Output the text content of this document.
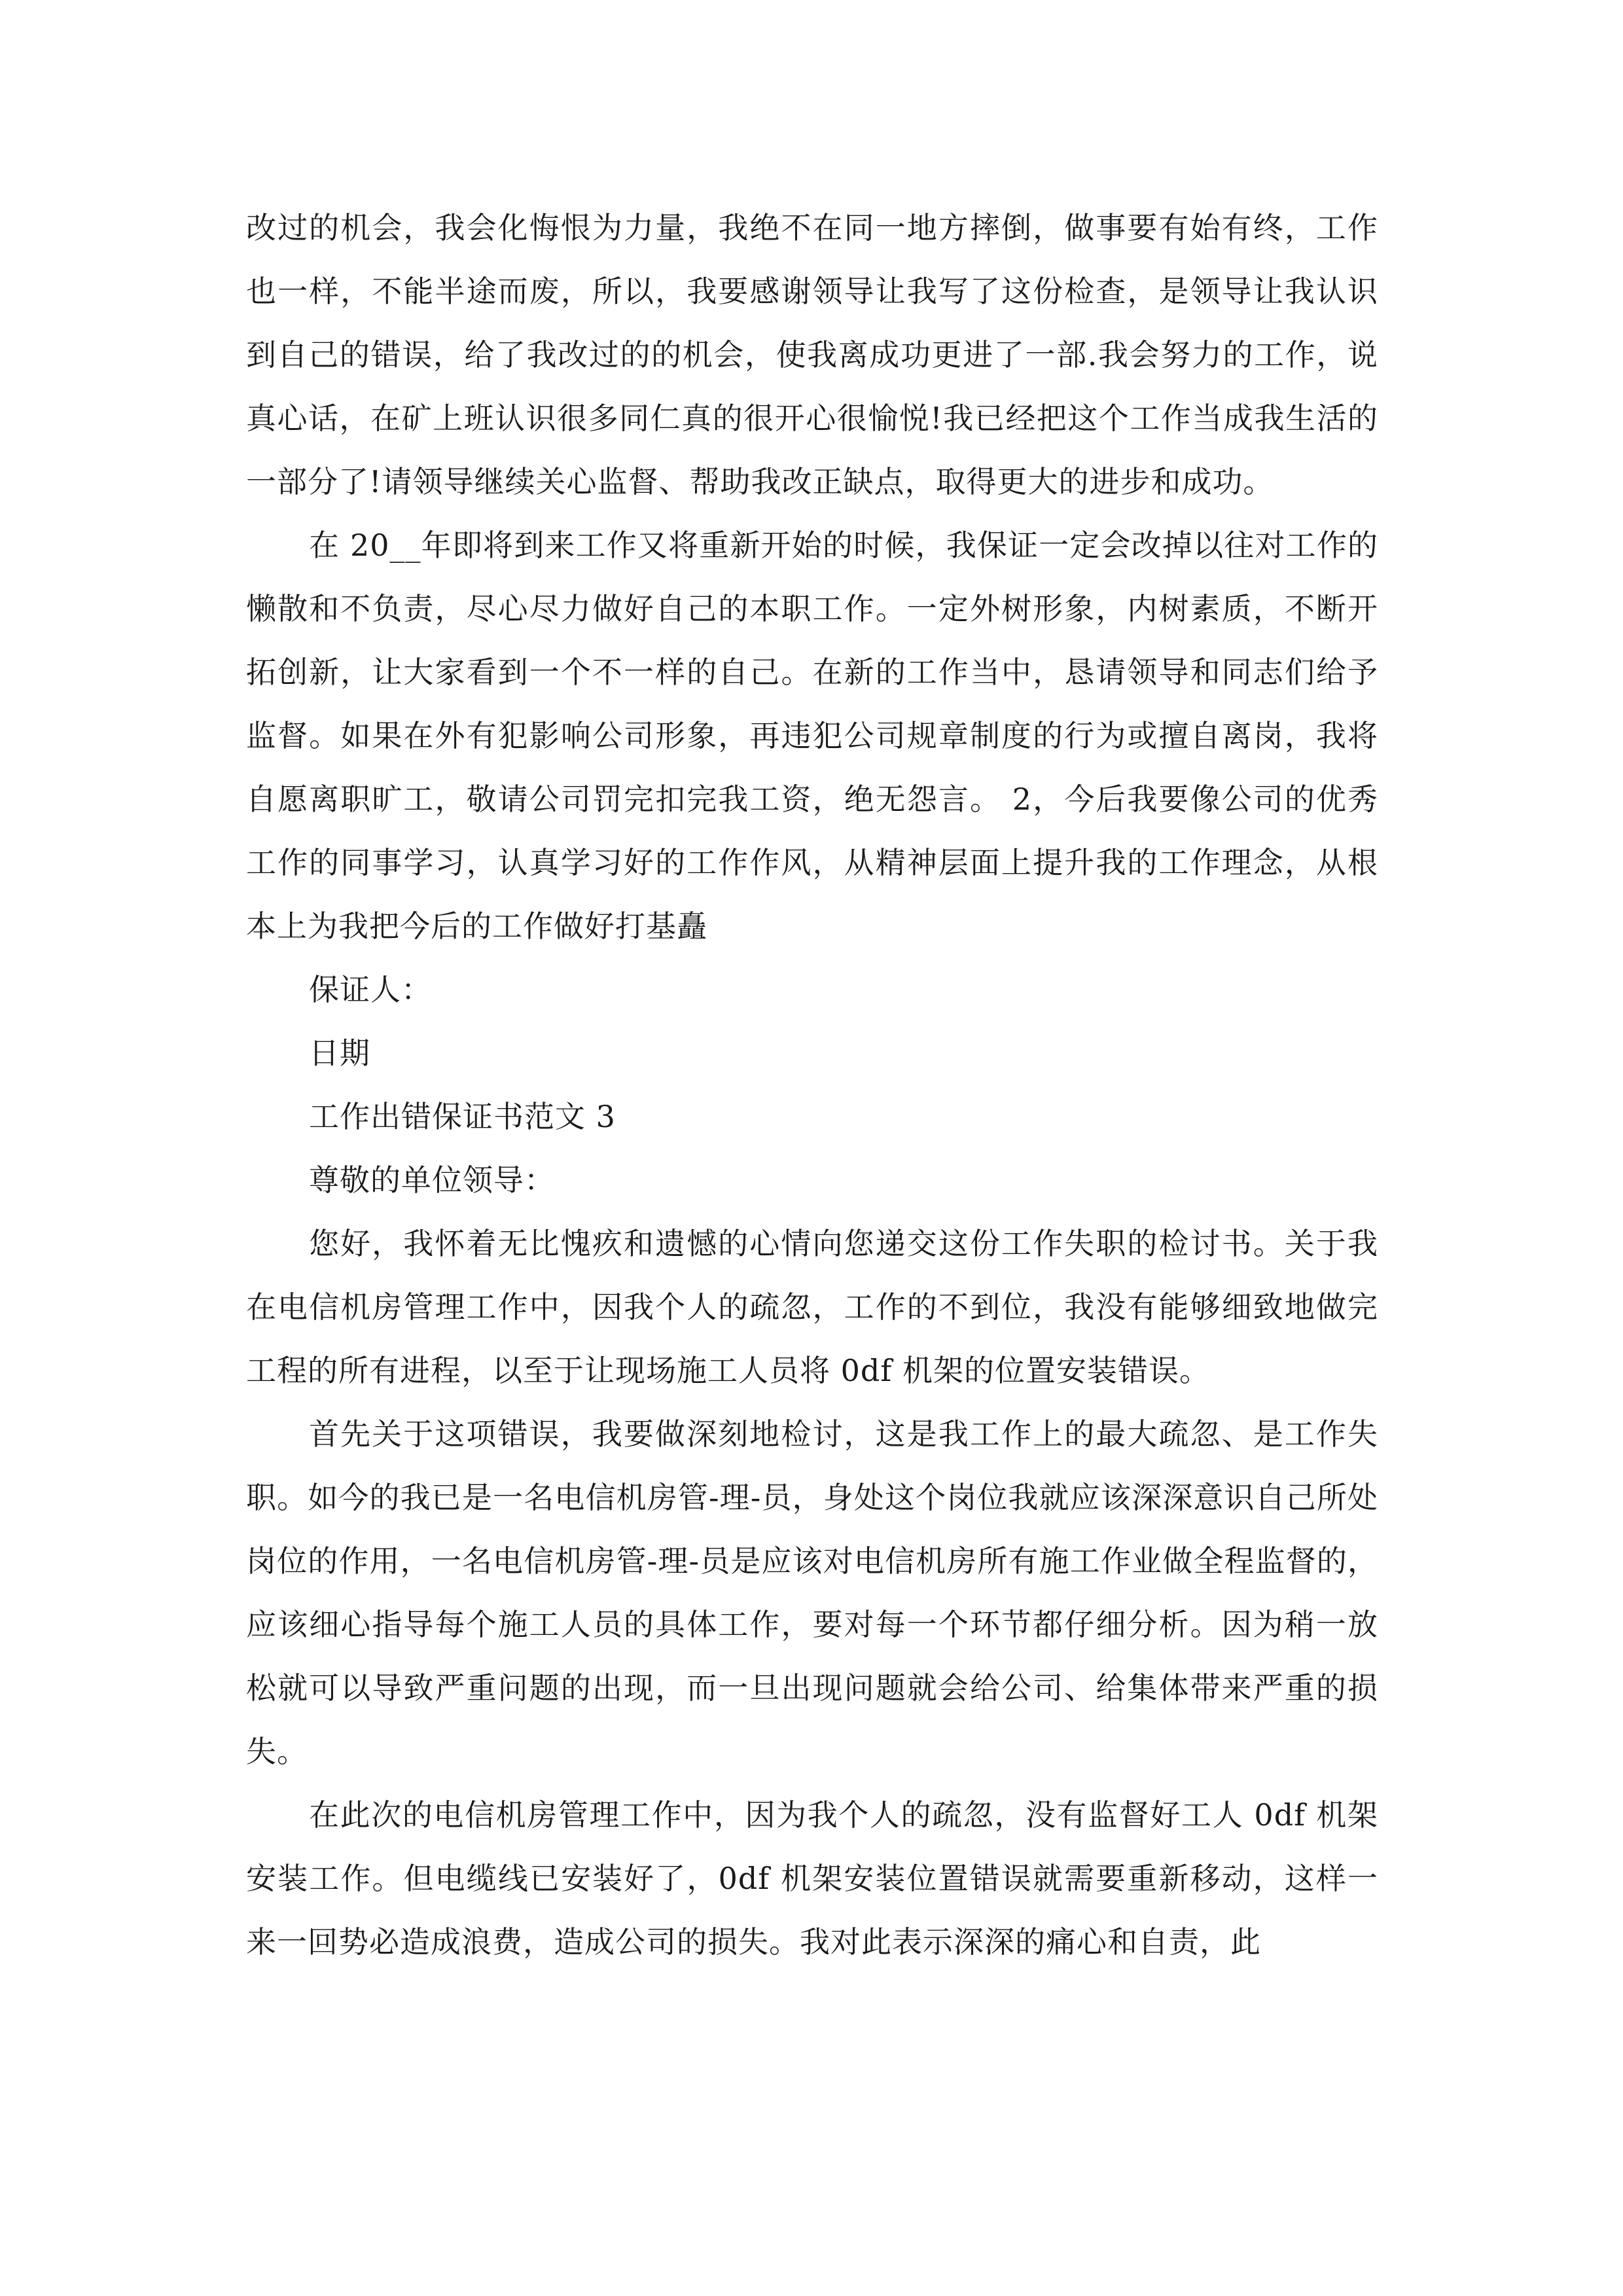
改过的机会，我会化悔恨为力量，我绝不在同一地方摔倒，做事要有始有终，工作也一样，不能半途而废，所以，我要感谢领导让我写了这份检查，是领导让我认识到自己的错误，给了我改过的的机会，使我离成功更进了一部.我会努力的工作，说真心话，在矿上班认识很多同仁真的很开心很愉悦!我已经把这个工作当成我生活的一部分了!请领导继续关心监督、帮助我改正缺点，取得更大的进步和成功。

在 20__年即将到来工作又将重新开始的时候，我保证一定会改掉以往对工作的懒散和不负责，尽心尽力做好自己的本职工作。一定外树形象，内树素质，不断开拓创新，让大家看到一个不一样的自己。在新的工作当中，恳请领导和同志们给予监督。如果在外有犯影响公司形象，再违犯公司规章制度的行为或擅自离岗，我将自愿离职旷工，敬请公司罚完扣完我工资，绝无怨言。 2，今后我要像公司的优秀工作的同事学习，认真学习好的工作作风，从精神层面上提升我的工作理念，从根本上为我把今后的工作做好打基矗

保证人：

日期

工作出错保证书范文 3

尊敬的单位领导：

您好，我怀着无比愧疚和遗憾的心情向您递交这份工作失职的检讨书。关于我在电信机房管理工作中，因我个人的疏忽，工作的不到位，我没有能够细致地做完工程的所有进程，以至于让现场施工人员将 0df 机架的位置安装错误。

首先关于这项错误，我要做深刻地检讨，这是我工作上的最大疏忽、是工作失职。如今的我已是一名电信机房管-理-员，身处这个岗位我就应该深深意识自己所处岗位的作用，一名电信机房管-理-员是应该对电信机房所有施工作业做全程监督的，应该细心指导每个施工人员的具体工作，要对每一个环节都仔细分析。因为稍一放松就可以导致严重问题的出现，而一旦出现问题就会给公司、给集体带来严重的损失。

在此次的电信机房管理工作中，因为我个人的疏忽，没有监督好工人 0df 机架安装工作。但电缆线已安装好了，0df 机架安装位置错误就需要重新移动，这样一来一回势必造成浪费，造成公司的损失。我对此表示深深的痛心和自责，此
